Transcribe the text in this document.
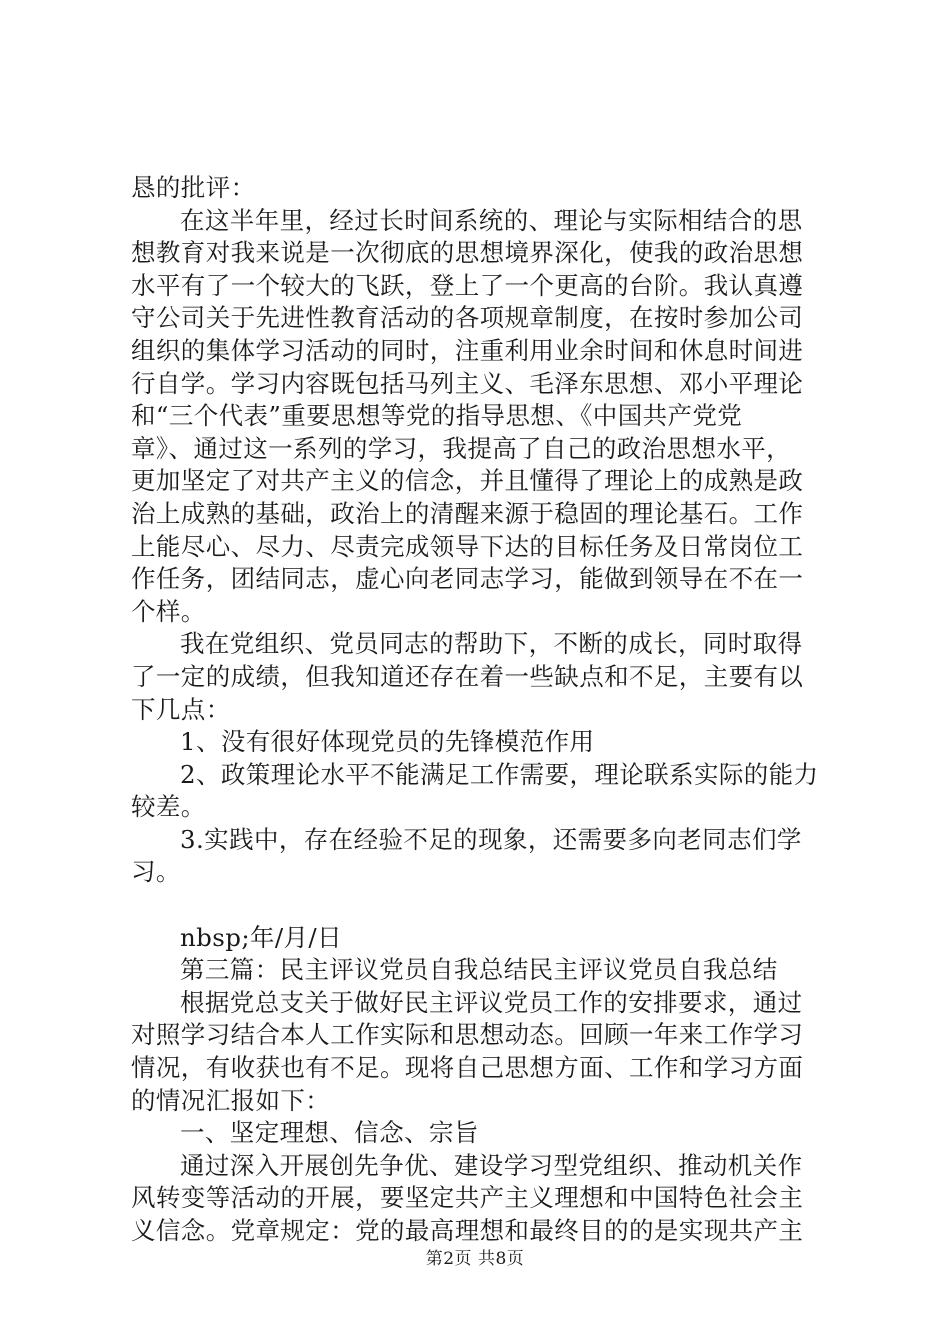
恳的批评：
在这半年里，经过长时间系统的、理论与实际相结合的思
想教育对我来说是一次彻底的思想境界深化，使我的政治思想
水平有了一个较大的飞跃，登上了一个更高的台阶。我认真遵
守公司关于先进性教育活动的各项规章制度，在按时参加公司
组织的集体学习活动的同时，注重利用业余时间和休息时间进
行自学。学习内容既包括马列主义、毛泽东思想、邓小平理论
和“三个代表”重要思想等党的指导思想、《中国共产党党
章》、通过这一系列的学习，我提高了自己的政治思想水平，
更加坚定了对共产主义的信念，并且懂得了理论上的成熟是政
治上成熟的基础，政治上的清醒来源于稳固的理论基石。工作
上能尽心、尽力、尽责完成领导下达的目标任务及日常岗位工
作任务，团结同志，虚心向老同志学习，能做到领导在不在一
个样。
我在党组织、党员同志的帮助下，不断的成长，同时取得
了一定的成绩，但我知道还存在着一些缺点和不足，主要有以
下几点：
1、没有很好体现党员的先锋模范作用
2、政策理论水平不能满足工作需要，理论联系实际的能力
较差。
3.实践中，存在经验不足的现象，还需要多向老同志们学
习。
nbsp;年/月/日
第三篇：民主评议党员自我总结民主评议党员自我总结
根据党总支关于做好民主评议党员工作的安排要求，通过
对照学习结合本人工作实际和思想动态。回顾一年来工作学习
情况，有收获也有不足。现将自己思想方面、工作和学习方面
的情况汇报如下：
一、坚定理想、信念、宗旨
通过深入开展创先争优、建设学习型党组织、推动机关作
风转变等活动的开展，要坚定共产主义理想和中国特色社会主
义信念。党章规定：党的最高理想和最终目的的是实现共产主
第2页 共8页
